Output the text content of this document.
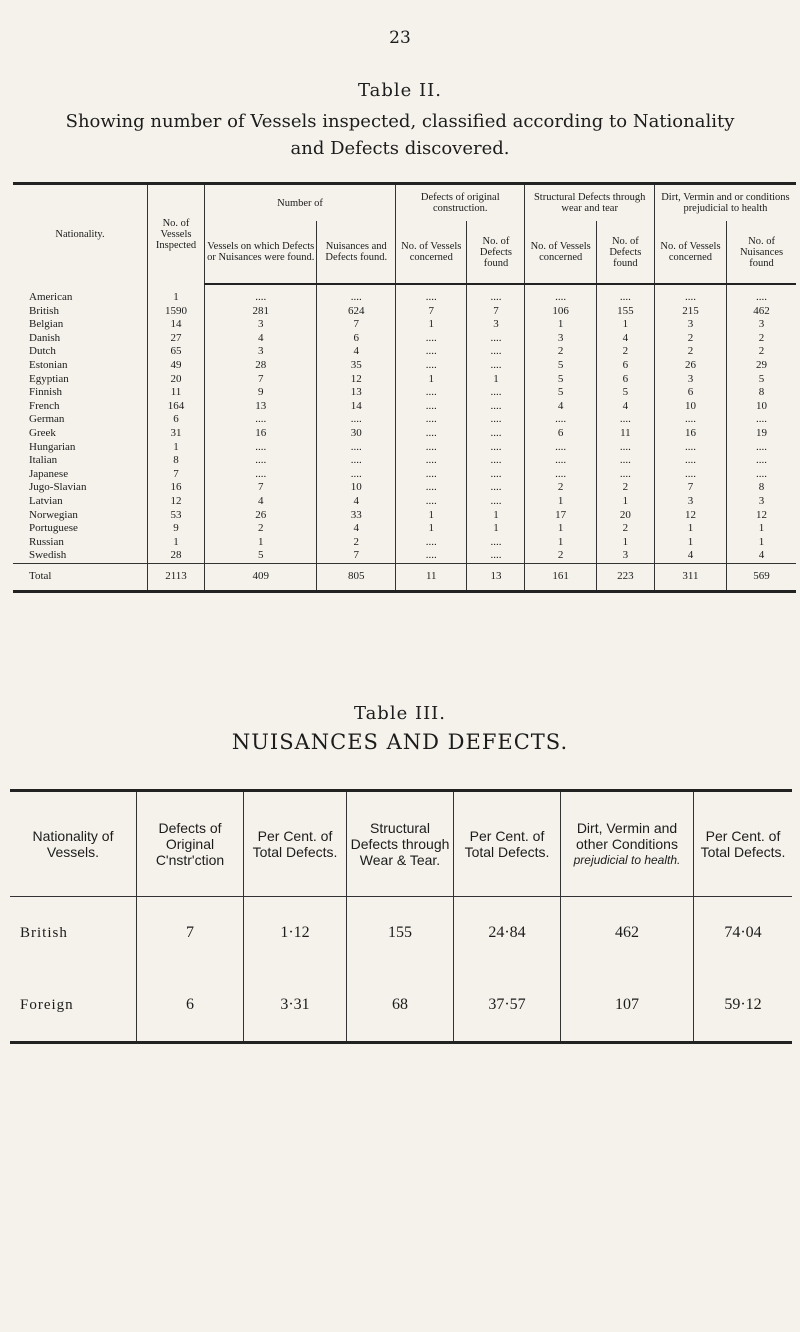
23
Table II.
Showing number of Vessels inspected, classified according to Nationality and Defects discovered.
Nationality.	No. of Vessels Inspected	Number of		Defects of original construction.		Structural Defects through wear and tear		Dirt, Vermin and or conditions prejudicial to health	
		Vessels on which Defects or Nuisances were found.	Nuisances and Defects found.	No. of Vessels concerned	No. of Defects found	No. of Vessels concerned	No. of Defects found	No. of Vessels concerned	No. of Nuisances found
American	1	....	....	....	....	....	....	....	....
British	1590	281	624	7	7	106	155	215	462
Belgian	14	3	7	1	3	1	1	3	3
Danish	27	4	6	....	....	3	4	2	2
Dutch	65	3	4	....	....	2	2	2	2
Estonian	49	28	35	....	....	5	6	26	29
Egyptian	20	7	12	1	1	5	6	3	5
Finnish	11	9	13	....	....	5	5	6	8
French	164	13	14	....	....	4	4	10	10
German	6	....	....	....	....	....	....	....	....
Greek	31	16	30	....	....	6	11	16	19
Hungarian	1	....	....	....	....	....	....	....	....
Italian	8	....	....	....	....	....	....	....	....
Japanese	7	....	....	....	....	....	....	....	....
Jugo-Slavian	16	7	10	....	....	2	2	7	8
Latvian	12	4	4	....	....	1	1	3	3
Norwegian	53	26	33	1	1	17	20	12	12
Portuguese	9	2	4	1	1	1	2	1	1
Russian	1	1	2	....	....	1	1	1	1
Swedish	28	5	7	....	....	2	3	4	4
Total	2113	409	805	11	13	161	223	311	569
Table III.
NUISANCES AND DEFECTS.
Nationality of Vessels.	Defects of Original C'nstr'ction	Per Cent. of Total Defects.	Structural Defects through Wear & Tear.	Per Cent. of Total Defects.	Dirt, Vermin and other Conditions
prejudicial to health.	Per Cent. of Total Defects.
British	7	1·12	155	24·84	462	74·04
Foreign	6	3·31	68	37·57	107	59·12
